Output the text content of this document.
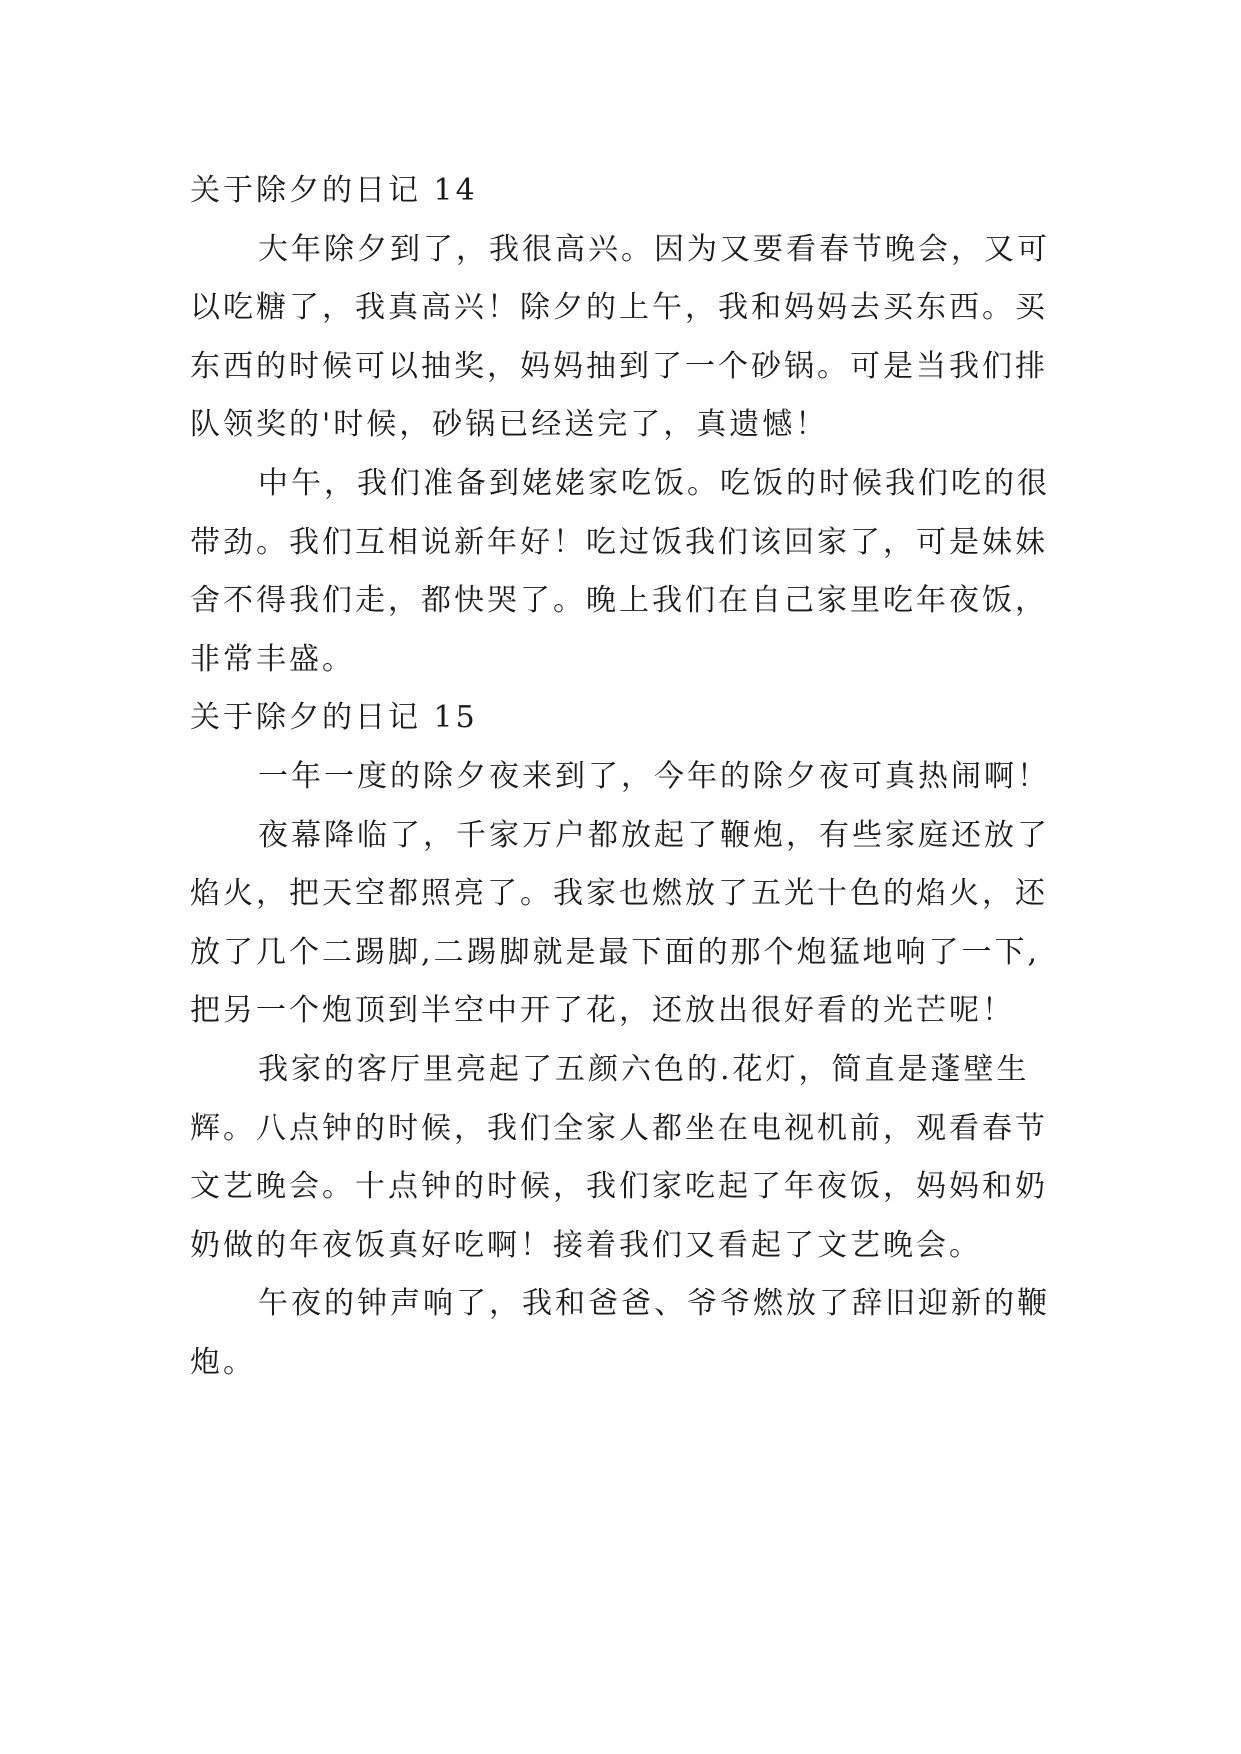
关于除夕的日记 14
大年除夕到了，我很高兴。因为又要看春节晚会，又可
以吃糖了，我真高兴！除夕的上午，我和妈妈去买东西。买
东西的时候可以抽奖，妈妈抽到了一个砂锅。可是当我们排
队领奖的'时候，砂锅已经送完了，真遗憾！
中午，我们准备到姥姥家吃饭。吃饭的时候我们吃的很
带劲。我们互相说新年好！吃过饭我们该回家了，可是妹妹
舍不得我们走，都快哭了。晚上我们在自己家里吃年夜饭，
非常丰盛。
关于除夕的日记 15
一年一度的除夕夜来到了，今年的除夕夜可真热闹啊！
夜幕降临了，千家万户都放起了鞭炮，有些家庭还放了
焰火，把天空都照亮了。我家也燃放了五光十色的焰火，还
放了几个二踢脚,二踢脚就是最下面的那个炮猛地响了一下,
把另一个炮顶到半空中开了花，还放出很好看的光芒呢！
我家的客厅里亮起了五颜六色的.花灯，简直是蓬壁生
辉。八点钟的时候，我们全家人都坐在电视机前，观看春节
文艺晚会。十点钟的时候，我们家吃起了年夜饭，妈妈和奶
奶做的年夜饭真好吃啊！接着我们又看起了文艺晚会。
午夜的钟声响了，我和爸爸、爷爷燃放了辞旧迎新的鞭
炮。
